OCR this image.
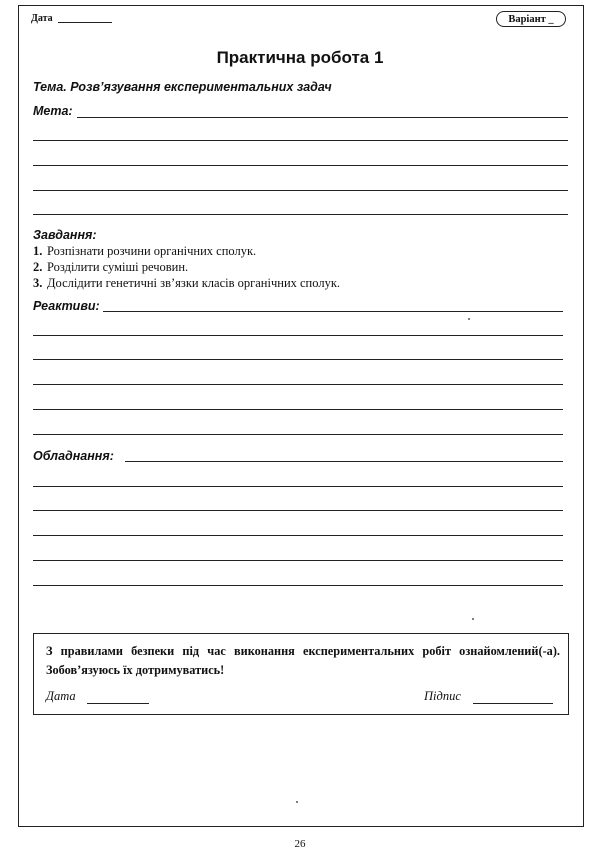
Дата	Варіант _
Практична робота 1
Тема. Розв’язування експериментальних задач
Мета:
Завдання:
1. Розпізнати розчини органічних сполук.
2. Розділити суміші речовин.
3. Дослідити генетичні зв’язки класів органічних сполук.
Реактиви:
Обладнання:
З правилами безпеки під час виконання експериментальних робіт ознайомлений(-а). Зобов’язуюсь їх дотримуватись!
Дата	Підпис
26
